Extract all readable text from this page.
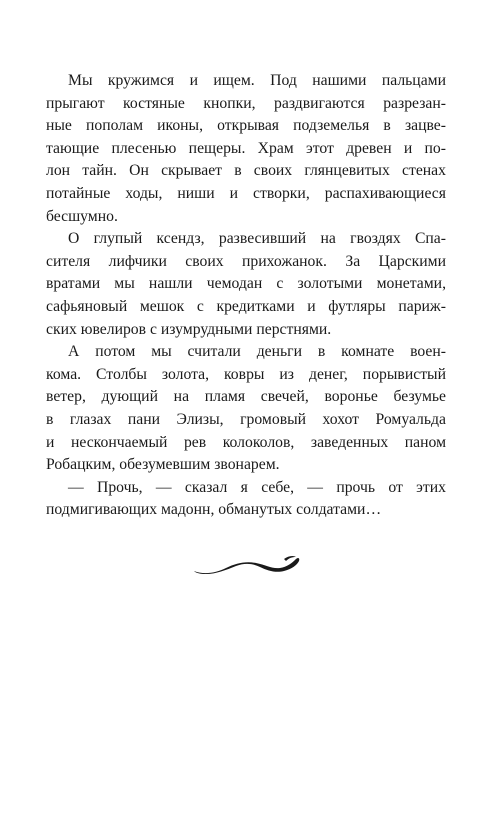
Мы кружимся и ищем. Под нашими пальцами
прыгают костяные кнопки, раздвигаются разрезан-
ные пополам иконы, открывая подземелья в зацве-
тающие плесенью пещеры. Храм этот древен и по-
лон тайн. Он скрывает в своих глянцевитых стенах
потайные ходы, ниши и створки, распахивающиеся
бесшумно.
О глупый ксендз, развесивший на гвоздях Спа-
сителя лифчики своих прихожанок. За Царскими
вратами мы нашли чемодан с золотыми монетами,
сафьяновый мешок с кредитками и футляры париж-
ских ювелиров с изумрудными перстнями.
А потом мы считали деньги в комнате воен-
кома. Столбы золота, ковры из денег, порывистый
ветер, дующий на пламя свечей, воронье безумье
в глазах пани Элизы, громовый хохот Ромуальда
и нескончаемый рев колоколов, заведенных паном
Робацким, обезумевшим звонарем.
— Прочь, — сказал я себе, — прочь от этих
подмигивающих мадонн, обманутых солдатами…
